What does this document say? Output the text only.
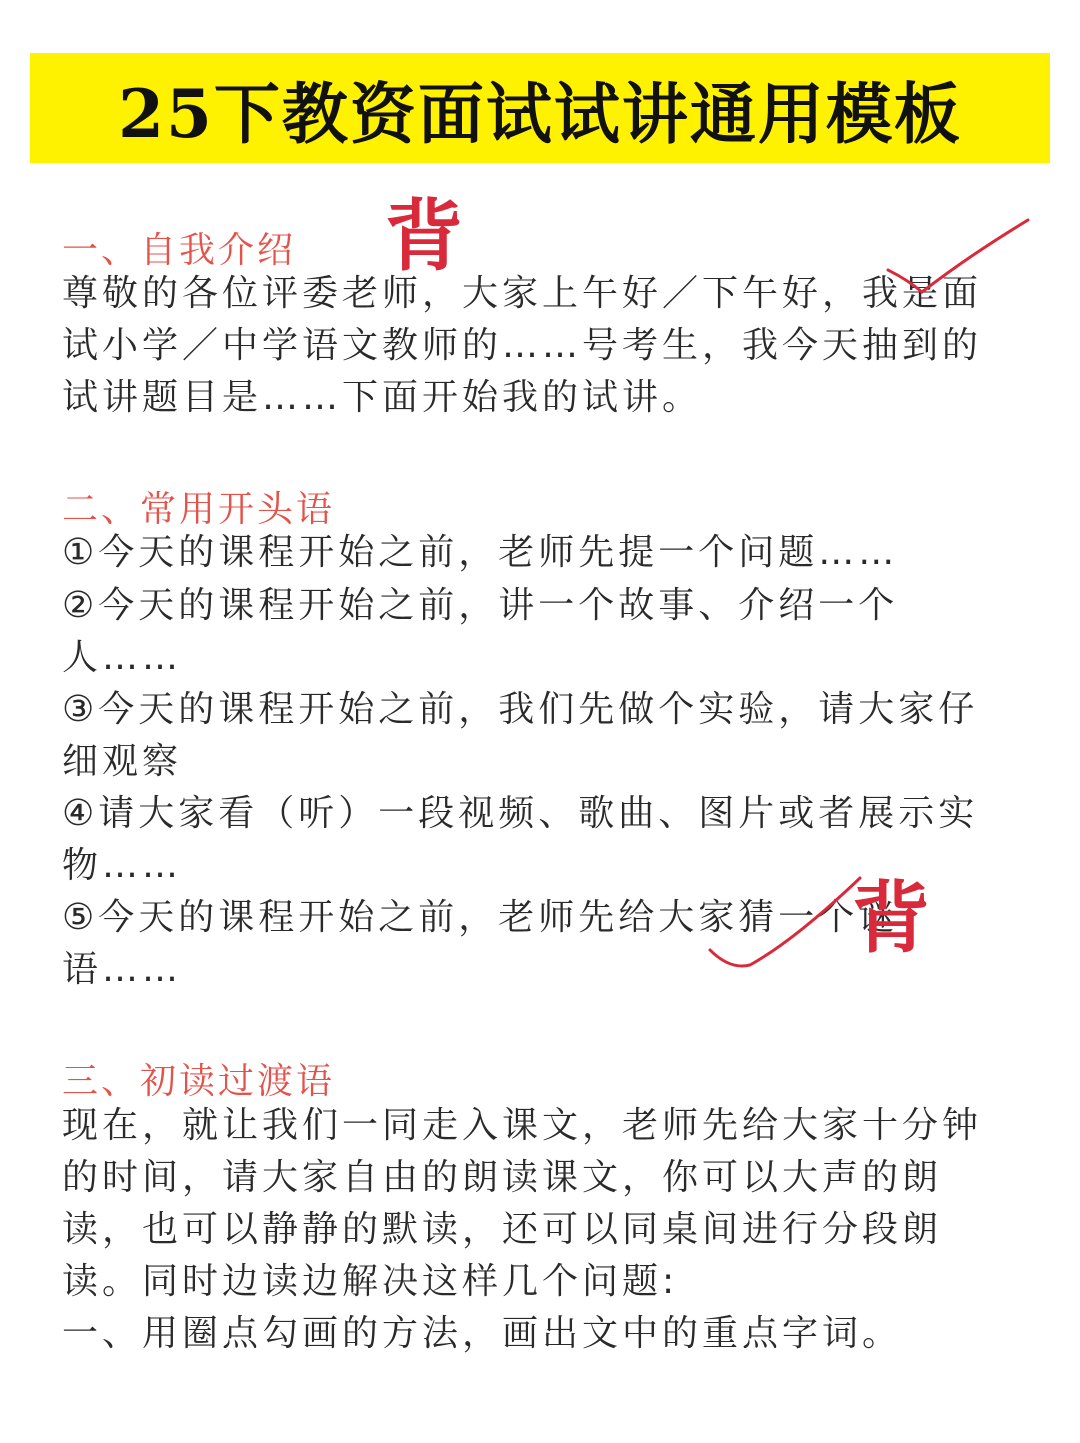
25下教资面试试讲通用模板
一、自我介绍
尊敬的各位评委老师，大家上午好／下午好，我是面
试小学／中学语文教师的……号考生，我今天抽到的
试讲题目是……下面开始我的试讲。
二、常用开头语
①今天的课程开始之前，老师先提一个问题……
②今天的课程开始之前，讲一个故事、介绍一个
人……
③今天的课程开始之前，我们先做个实验，请大家仔
细观察
④请大家看（听）一段视频、歌曲、图片或者展示实
物……
⑤今天的课程开始之前，老师先给大家猜一个谜
语……
三、初读过渡语
现在，就让我们一同走入课文，老师先给大家十分钟
的时间，请大家自由的朗读课文，你可以大声的朗
读，也可以静静的默读，还可以同桌间进行分段朗
读。同时边读边解决这样几个问题:
一、用圈点勾画的方法，画出文中的重点字词。
背
背
